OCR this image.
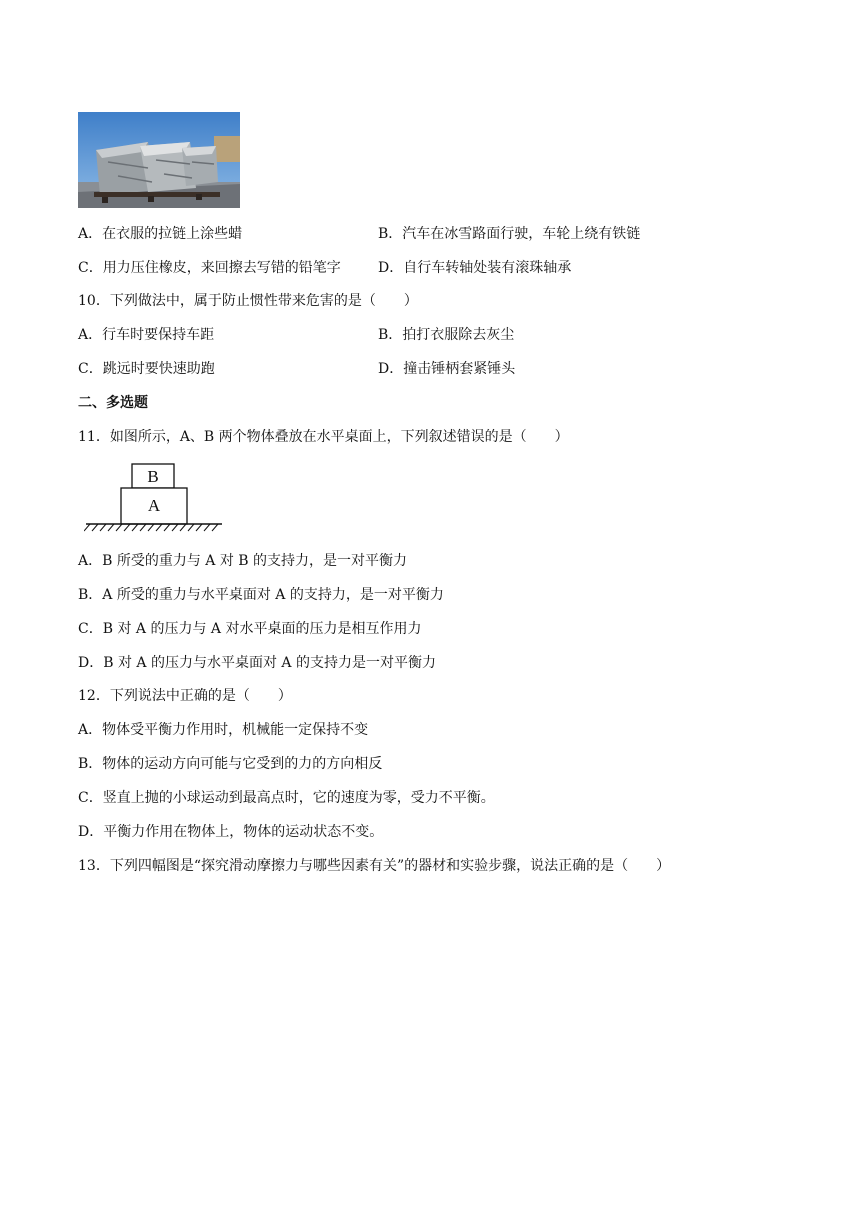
A．在衣服的拉链上涂些蜡	B．汽车在冰雪路面行驶，车轮上绕有铁链
C．用力压住橡皮，来回擦去写错的铅笔字	D．自行车转轴处装有滚珠轴承
10．下列做法中，属于防止惯性带来危害的是（　　）
A．行车时要保持车距	B．拍打衣服除去灰尘
C．跳远时要快速助跑	D．撞击锤柄套紧锤头
二、多选题
11．如图所示，A、B 两个物体叠放在水平桌面上，下列叙述错误的是（　　）
B
A
A．B 所受的重力与 A 对 B 的支持力，是一对平衡力
B．A 所受的重力与水平桌面对 A 的支持力，是一对平衡力
C．B 对 A 的压力与 A 对水平桌面的压力是相互作用力
D．B 对 A 的压力与水平桌面对 A 的支持力是一对平衡力
12．下列说法中正确的是（　　）
A．物体受平衡力作用时，机械能一定保持不变
B．物体的运动方向可能与它受到的力的方向相反
C．竖直上抛的小球运动到最高点时，它的速度为零，受力不平衡。
D．平衡力作用在物体上，物体的运动状态不变。
13．下列四幅图是“探究滑动摩擦力与哪些因素有关”的器材和实验步骤，说法正确的是（　　）
